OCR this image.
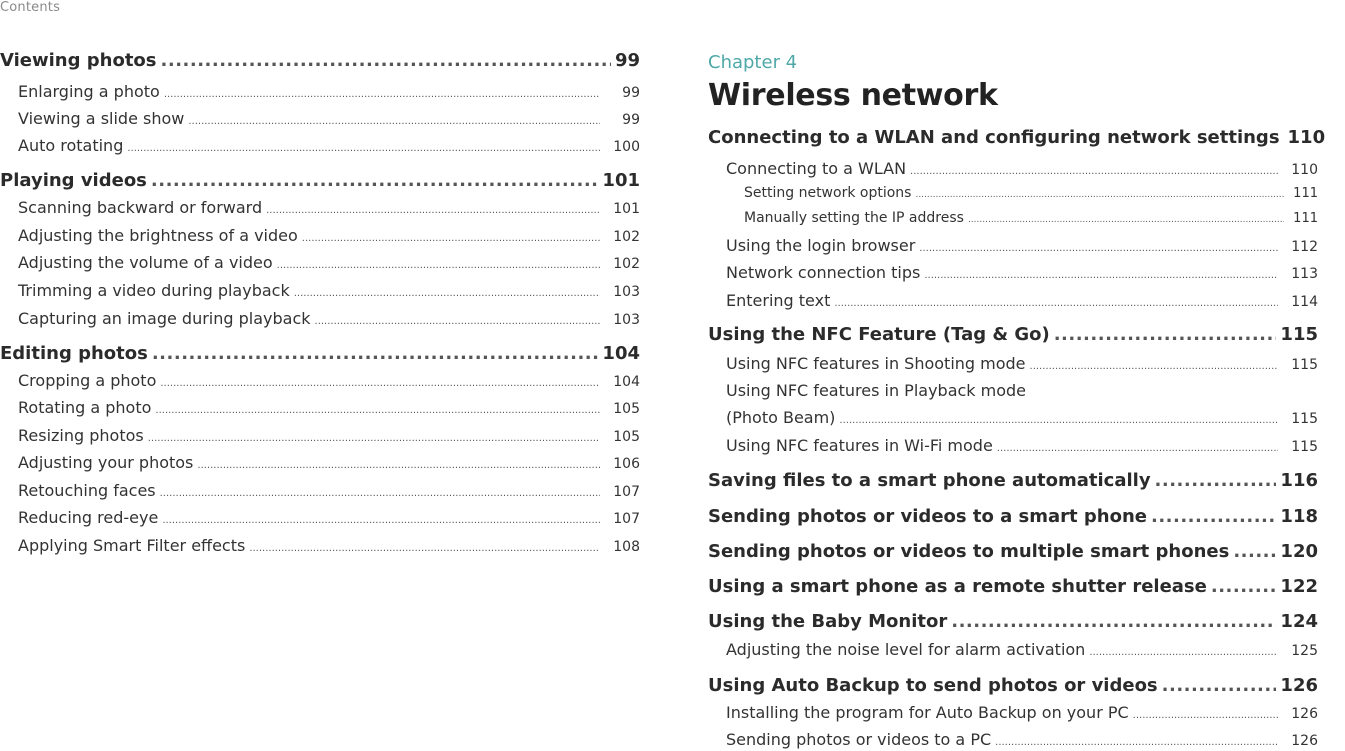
Contents
Viewing photos .....	99
Enlarging a photo .....	99
Viewing a slide show .....	99
Auto rotating .....	100
Playing videos .....	101
Scanning backward or forward .....	101
Adjusting the brightness of a video .....	102
Adjusting the volume of a video .....	102
Trimming a video during playback .....	103
Capturing an image during playback .....	103
Editing photos .....	104
Cropping a photo .....	104
Rotating a photo .....	105
Resizing photos .....	105
Adjusting your photos .....	106
Retouching faces .....	107
Reducing red-eye .....	107
Applying Smart Filter effects .....	108
Chapter 4
Wireless network
Connecting to a WLAN and configuring network settings 110
Connecting to a WLAN .....	110
Setting network options .....	111
Manually setting the IP address .....	111
Using the login browser .....	112
Network connection tips .....	113
Entering text .....	114
Using the NFC Feature (Tag & Go) .....	115
Using NFC features in Shooting mode .....	115
Using NFC features in Playback mode
(Photo Beam) .....	115
Using NFC features in Wi-Fi mode .....	115
Saving files to a smart phone automatically .....	116
Sending photos or videos to a smart phone .....	118
Sending photos or videos to multiple smart phones .....	120
Using a smart phone as a remote shutter release .....	122
Using the Baby Monitor .....	124
Adjusting the noise level for alarm activation .....	125
Using Auto Backup to send photos or videos .....	126
Installing the program for Auto Backup on your PC .....	126
Sending photos or videos to a PC .....	126
